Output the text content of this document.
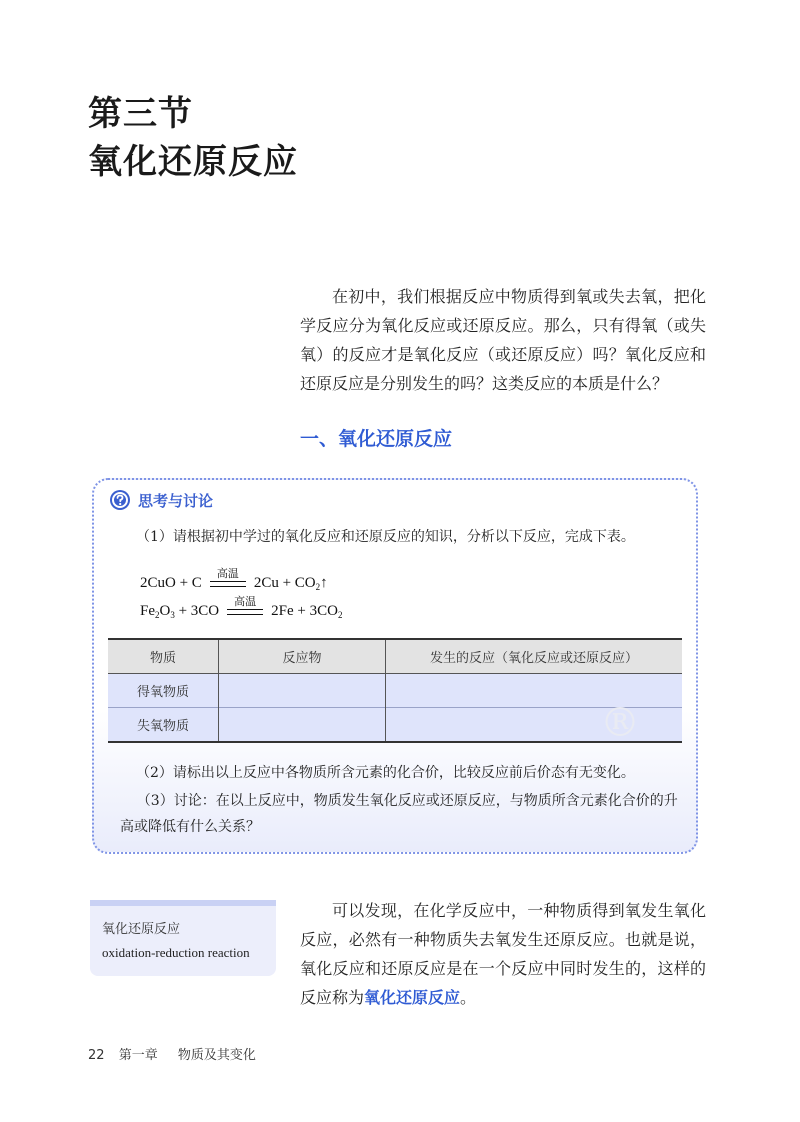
第三节
氧化还原反应
在初中，我们根据反应中物质得到氧或失去氧，把化学反应分为氧化反应或还原反应。那么，只有得氧（或失氧）的反应才是氧化反应（或还原反应）吗？氧化反应和还原反应是分别发生的吗？这类反应的本质是什么？
一、氧化还原反应
思考与讨论
（1）请根据初中学过的氧化反应和还原反应的知识，分析以下反应，完成下表。
2CuO + C
高温
$2Cu + CO_2↑$
$Fe_2O_3 + 3CO$
高温
$2Fe + 3CO_2$
物质	反应物	发生的反应（氧化反应或还原反应）
得氧物质		
失氧物质		
（2）请标出以上反应中各物质所含元素的化合价，比较反应前后价态有无变化。
（3）讨论：在以上反应中，物质发生氧化反应或还原反应，与物质所含元素化合价的升高或降低有什么关系？
®
氧化还原反应
oxidation-reduction reaction
可以发现，在化学反应中，一种物质得到氧发生氧化反应，必然有一种物质失去氧发生还原反应。也就是说，氧化反应和还原反应是在一个反应中同时发生的，这样的反应称为氧化还原反应。
22 第一章 物质及其变化
